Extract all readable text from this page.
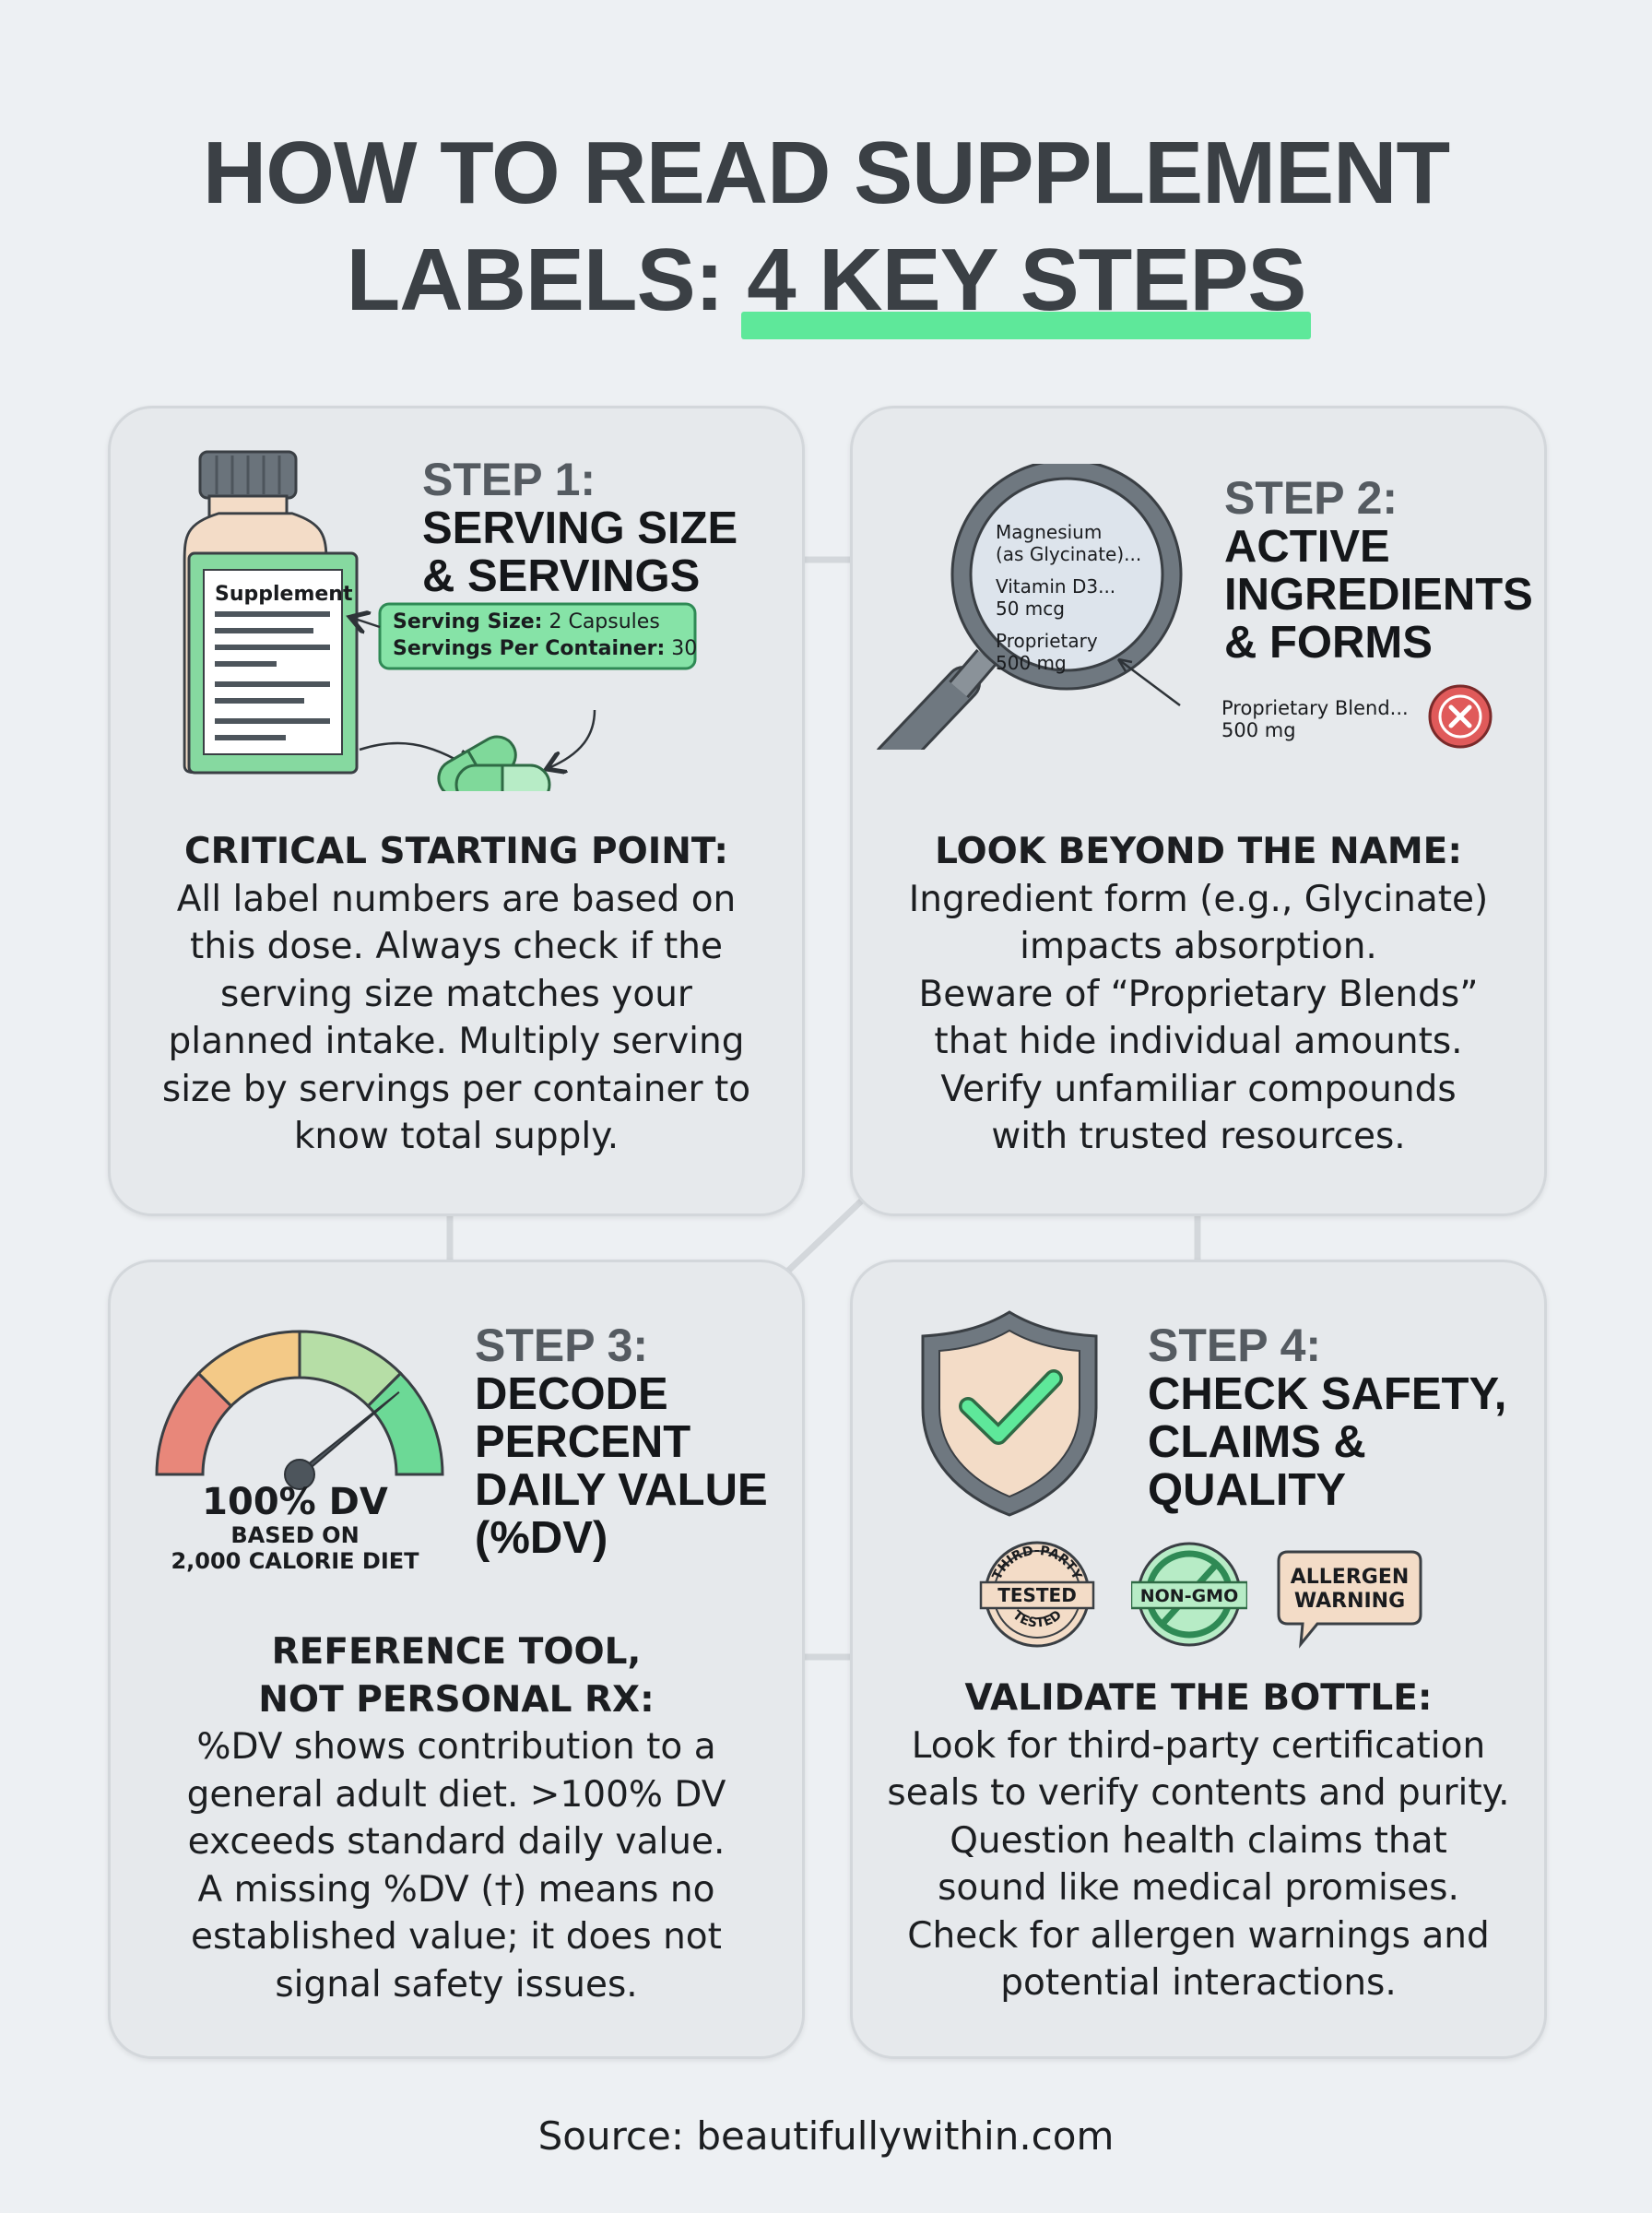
HOW TO READ SUPPLEMENT
LABELS: 4 KEY STEPS
Supplement
Serving Size: 2 Capsules
Servings Per Container: 30
STEP 1:
SERVING SIZE
& SERVINGS
CRITICAL STARTING POINT:
All label numbers are based on
this dose. Always check if the
serving size matches your
planned intake. Multiply serving
size by servings per container to
know total supply.
Magnesium
(as Glycinate)...
Vitamin D3...
50 mcg
Proprietary
500 mg
Proprietary Blend...
500 mg
STEP 2:
ACTIVE
INGREDIENTS
& FORMS
LOOK BEYOND THE NAME:
Ingredient form (e.g., Glycinate)
impacts absorption.
Beware of “Proprietary Blends”
that hide individual amounts.
Verify unfamiliar compounds
with trusted resources.
100% DV
BASED ON
2,000 CALORIE DIET
STEP 3:
DECODE
PERCENT
DAILY VALUE
(%DV)
REFERENCE TOOL,
NOT PERSONAL RX:
%DV shows contribution to a
general adult diet. >100% DV
exceeds standard daily value.
A missing %DV (†) means no
established value; it does not
signal safety issues.
STEP 4:
CHECK SAFETY,
CLAIMS &
QUALITY
THIRD-PARTY
TESTED
TESTED
NON-GMO
ALLERGEN
WARNING
VALIDATE THE BOTTLE:
Look for third-party certification
seals to verify contents and purity.
Question health claims that
sound like medical promises.
Check for allergen warnings and
potential interactions.
Source: beautifullywithin.com
